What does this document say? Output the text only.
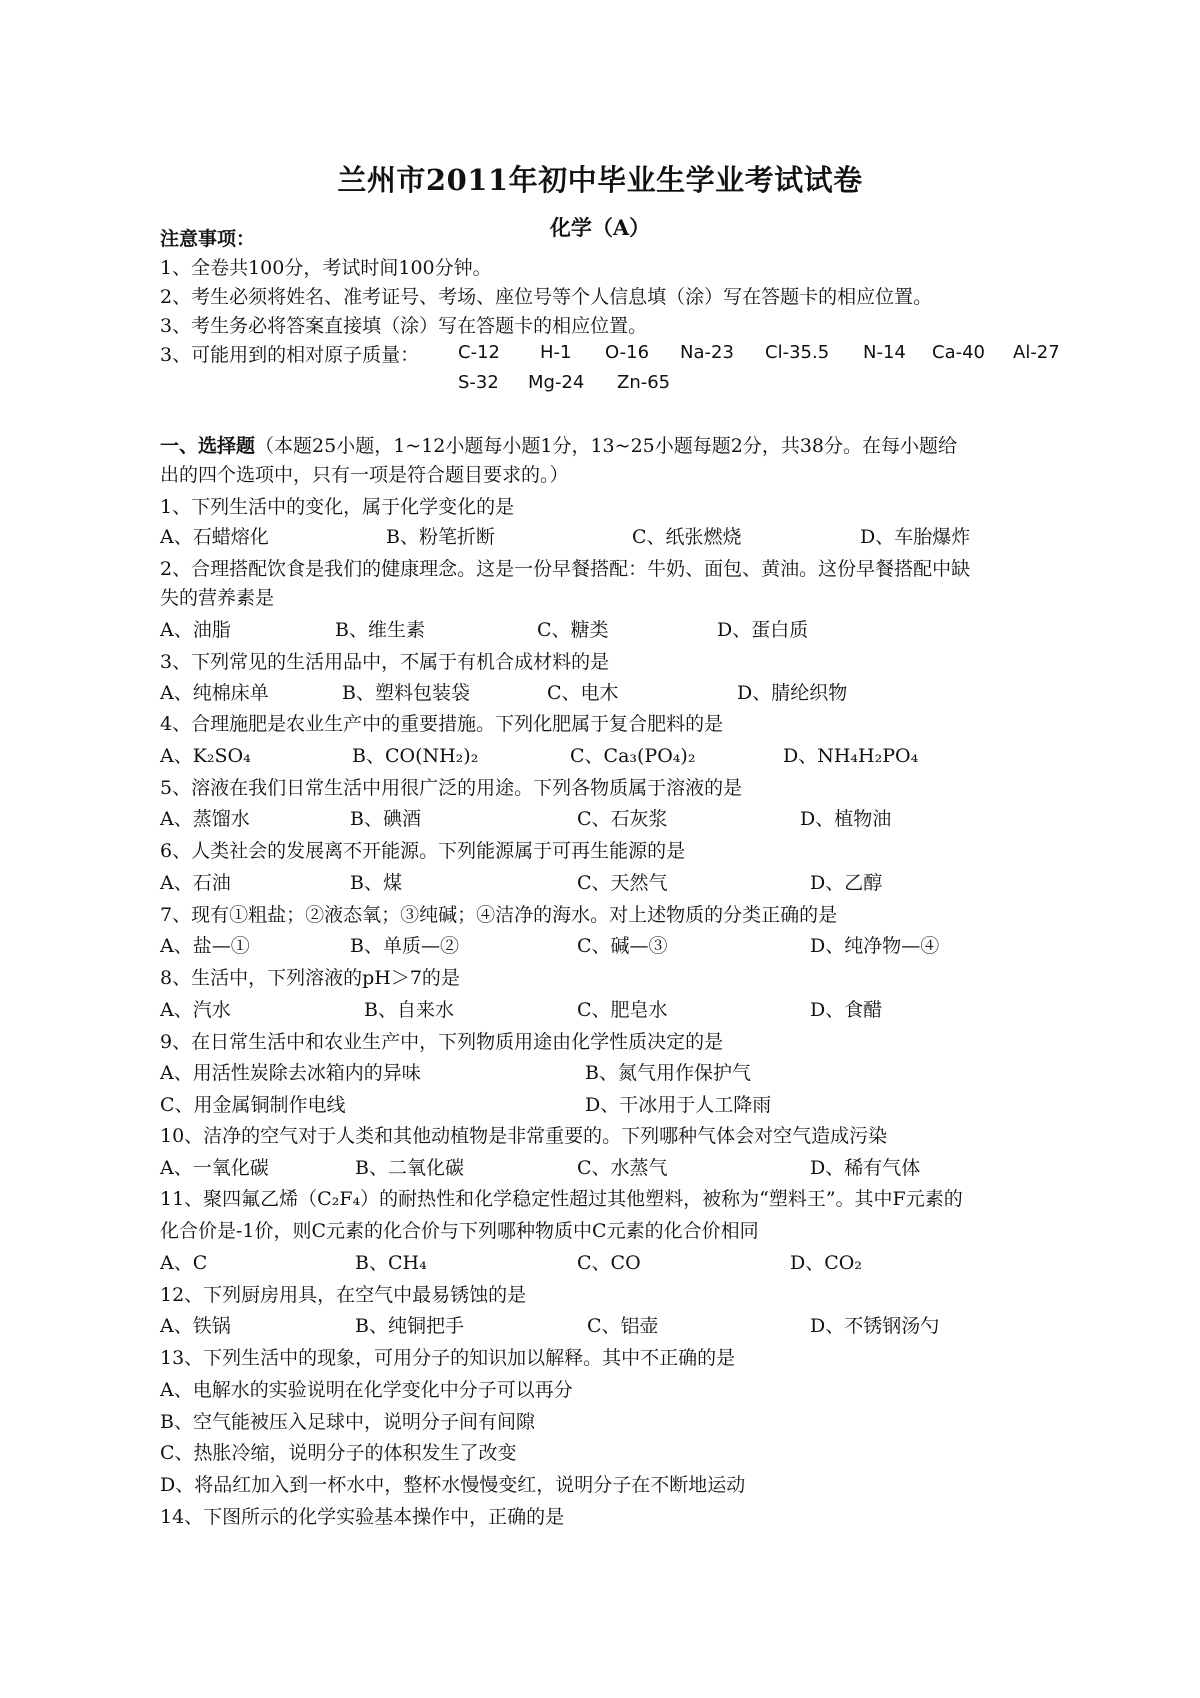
兰州市2011年初中毕业生学业考试试卷
化学（A）
注意事项：
1、全卷共100分，考试时间100分钟。
2、考生必须将姓名、准考证号、考场、座位号等个人信息填（涂）写在答题卡的相应位置。
3、考生务必将答案直接填（涂）写在答题卡的相应位置。
3、可能用到的相对原子质量：	C-12 H-1 O-16 Na-23 Cl-35.5 N-14 Ca-40 Al-27
S-32 Mg-24 Zn-65
一、选择题（本题25小题，1~12小题每小题1分，13~25小题每题2分，共38分。在每小题给
出的四个选项中，只有一项是符合题目要求的。）
1、下列生活中的变化，属于化学变化的是
A、石蜡熔化	B、粉笔折断	C、纸张燃烧	D、车胎爆炸
2、合理搭配饮食是我们的健康理念。这是一份早餐搭配：牛奶、面包、黄油。这份早餐搭配中缺
失的营养素是
A、油脂	B、维生素	C、糖类	D、蛋白质
3、下列常见的生活用品中，不属于有机合成材料的是
A、纯棉床单	B、塑料包装袋	C、电木	D、腈纶织物
4、合理施肥是农业生产中的重要措施。下列化肥属于复合肥料的是
A、K₂SO₄	B、CO(NH₂)₂	C、Ca₃(PO₄)₂	D、NH₄H₂PO₄
5、溶液在我们日常生活中用很广泛的用途。下列各物质属于溶液的是
A、蒸馏水	B、碘酒	C、石灰浆	D、植物油
6、人类社会的发展离不开能源。下列能源属于可再生能源的是
A、石油	B、煤	C、天然气	D、乙醇
7、现有①粗盐；②液态氧；③纯碱；④洁净的海水。对上述物质的分类正确的是
A、盐—①	B、单质—②	C、碱—③	D、纯净物—④
8、生活中，下列溶液的pH＞7的是
A、汽水	B、自来水	C、肥皂水	D、食醋
9、在日常生活中和农业生产中，下列物质用途由化学性质决定的是
A、用活性炭除去冰箱内的异味	B、氮气用作保护气
C、用金属铜制作电线	D、干冰用于人工降雨
10、洁净的空气对于人类和其他动植物是非常重要的。下列哪种气体会对空气造成污染
A、一氧化碳	B、二氧化碳	C、水蒸气	D、稀有气体
11、聚四氟乙烯（C₂F₄）的耐热性和化学稳定性超过其他塑料，被称为“塑料王”。其中F元素的
化合价是-1价，则C元素的化合价与下列哪种物质中C元素的化合价相同
A、C	B、CH₄	C、CO	D、CO₂
12、下列厨房用具，在空气中最易锈蚀的是
A、铁锅	B、纯铜把手	C、铝壶	D、不锈钢汤勺
13、下列生活中的现象，可用分子的知识加以解释。其中不正确的是
A、电解水的实验说明在化学变化中分子可以再分
B、空气能被压入足球中，说明分子间有间隙
C、热胀冷缩，说明分子的体积发生了改变
D、将品红加入到一杯水中，整杯水慢慢变红，说明分子在不断地运动
14、下图所示的化学实验基本操作中，正确的是
